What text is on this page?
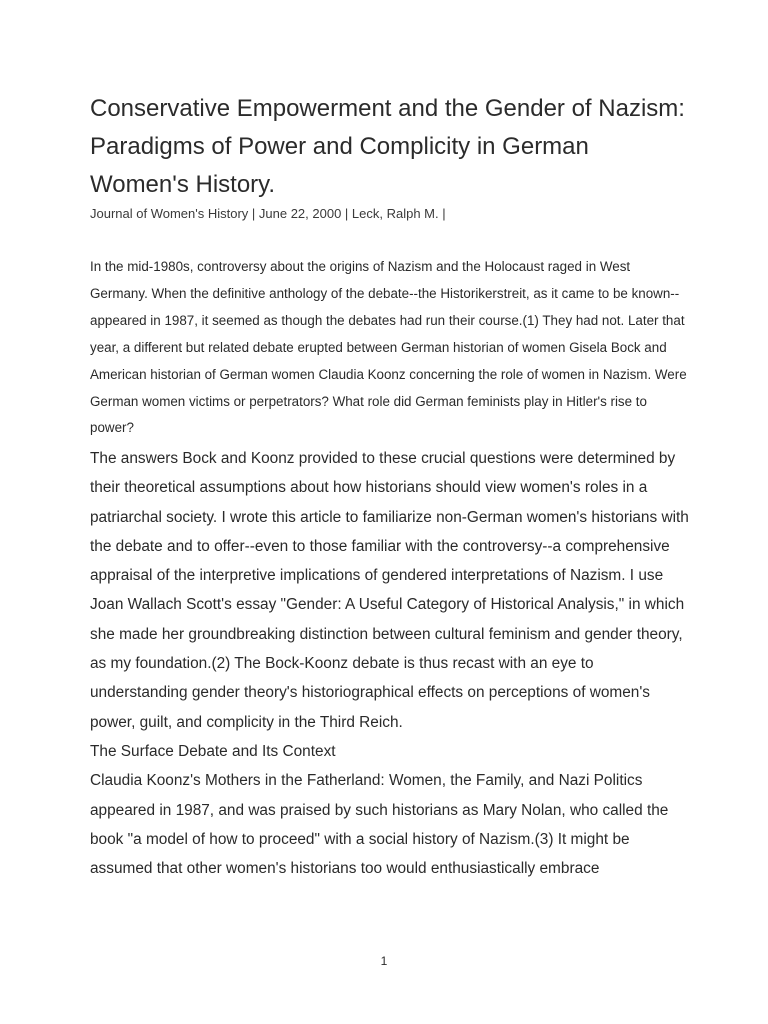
Conservative Empowerment and the Gender of Nazism: Paradigms of Power and Complicity in German Women's History.

Journal of Women's History | June 22, 2000 | Leck, Ralph M. |

In the mid-1980s, controversy about the origins of Nazism and the Holocaust raged in West Germany. When the definitive anthology of the debate--the Historikerstreit, as it came to be known--appeared in 1987, it seemed as though the debates had run their course.(1) They had not. Later that year, a different but related debate erupted between German historian of women Gisela Bock and American historian of German women Claudia Koonz concerning the role of women in Nazism. Were German women victims or perpetrators? What role did German feminists play in Hitler's rise to power?

The answers Bock and Koonz provided to these crucial questions were determined by their theoretical assumptions about how historians should view women's roles in a patriarchal society. I wrote this article to familiarize non-German women's historians with the debate and to offer--even to those familiar with the controversy--a comprehensive appraisal of the interpretive implications of gendered interpretations of Nazism. I use Joan Wallach Scott's essay "Gender: A Useful Category of Historical Analysis," in which she made her groundbreaking distinction between cultural feminism and gender theory, as my foundation.(2) The Bock-Koonz debate is thus recast with an eye to understanding gender theory's historiographical effects on perceptions of women's power, guilt, and complicity in the Third Reich.

The Surface Debate and Its Context

Claudia Koonz's Mothers in the Fatherland: Women, the Family, and Nazi Politics appeared in 1987, and was praised by such historians as Mary Nolan, who called the book "a model of how to proceed" with a social history of Nazism.(3) It might be assumed that other women's historians too would enthusiastically embrace

1
